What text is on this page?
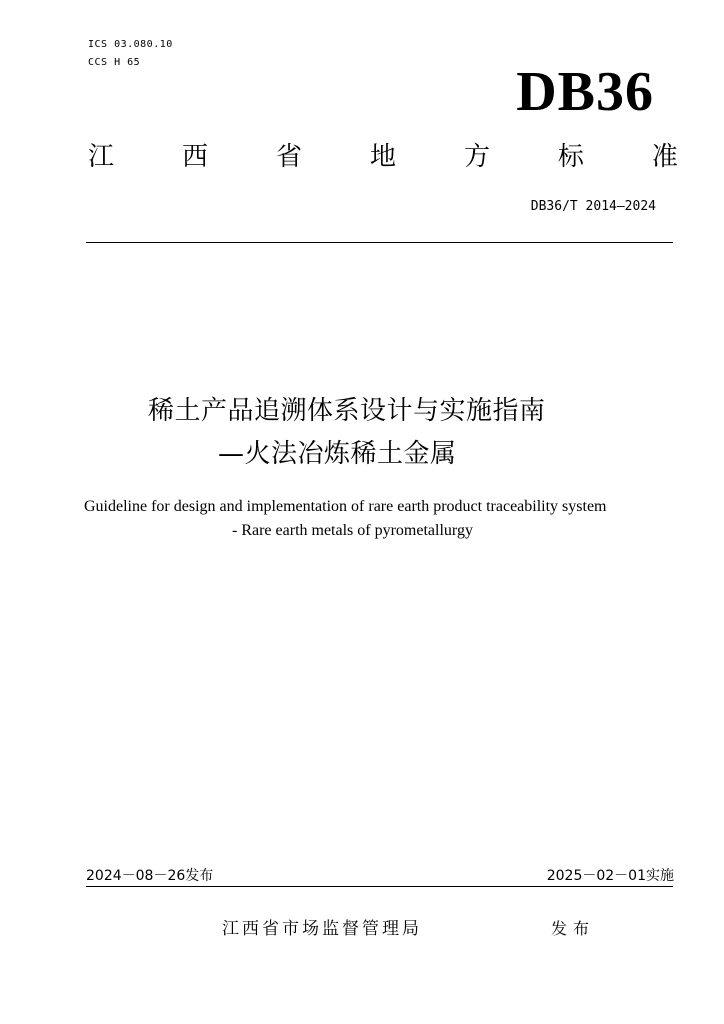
ICS 03.080.10
CCS H 65	DB36
江	西	省	地	方	标	准
DB36/T 2014—2024
稀土产品追溯体系设计与实施指南
—火法冶炼稀土金属
Guideline for design and implementation of rare earth product traceability system
- Rare earth metals of pyrometallurgy
2024－08－26发布	2025－02－01实施
江西省市场监督管理局	发布
